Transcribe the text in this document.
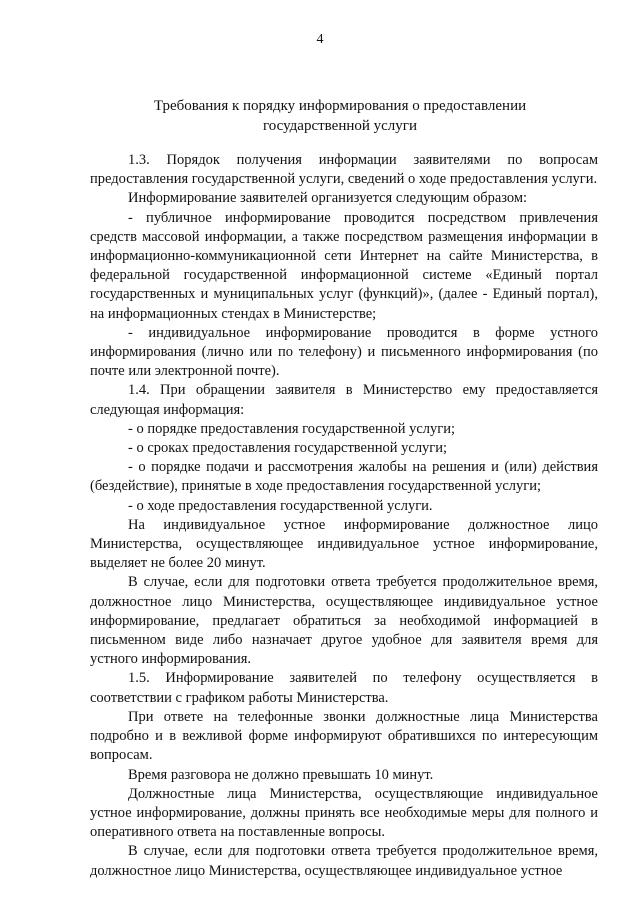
4
Требования к порядку информирования о предоставлении
государственной услуги

1.3. Порядок получения информации заявителями по вопросам предоставления государственной услуги, сведений о ходе предоставления услуги.

Информирование заявителей организуется следующим образом:

- публичное информирование проводится посредством привлечения средств массовой информации, а также посредством размещения информации в информационно-коммуникационной сети Интернет на сайте Министерства, в федеральной государственной информационной системе «Единый портал государственных и муниципальных услуг (функций)», (далее - Единый портал), на информационных стендах в Министерстве;

- индивидуальное информирование проводится в форме устного информирования (лично или по телефону) и письменного информирования (по почте или электронной почте).

1.4. При обращении заявителя в Министерство ему предоставляется следующая информация:

- о порядке предоставления государственной услуги;

- о сроках предоставления государственной услуги;

- о порядке подачи и рассмотрения жалобы на решения и (или) действия (бездействие), принятые в ходе предоставления государственной услуги;

- о ходе предоставления государственной услуги.

На индивидуальное устное информирование должностное лицо Министерства, осуществляющее индивидуальное устное информирование, выделяет не более 20 минут.

В случае, если для подготовки ответа требуется продолжительное время, должностное лицо Министерства, осуществляющее индивидуальное устное информирование, предлагает обратиться за необходимой информацией в письменном виде либо назначает другое удобное для заявителя время для устного информирования.

1.5. Информирование заявителей по телефону осуществляется в соответствии с графиком работы Министерства.

При ответе на телефонные звонки должностные лица Министерства подробно и в вежливой форме информируют обратившихся по интересующим вопросам.

Время разговора не должно превышать 10 минут.

Должностные лица Министерства, осуществляющие индивидуальное устное информирование, должны принять все необходимые меры для полного и оперативного ответа на поставленные вопросы.

В случае, если для подготовки ответа требуется продолжительное время, должностное лицо Министерства, осуществляющее индивидуальное устное
